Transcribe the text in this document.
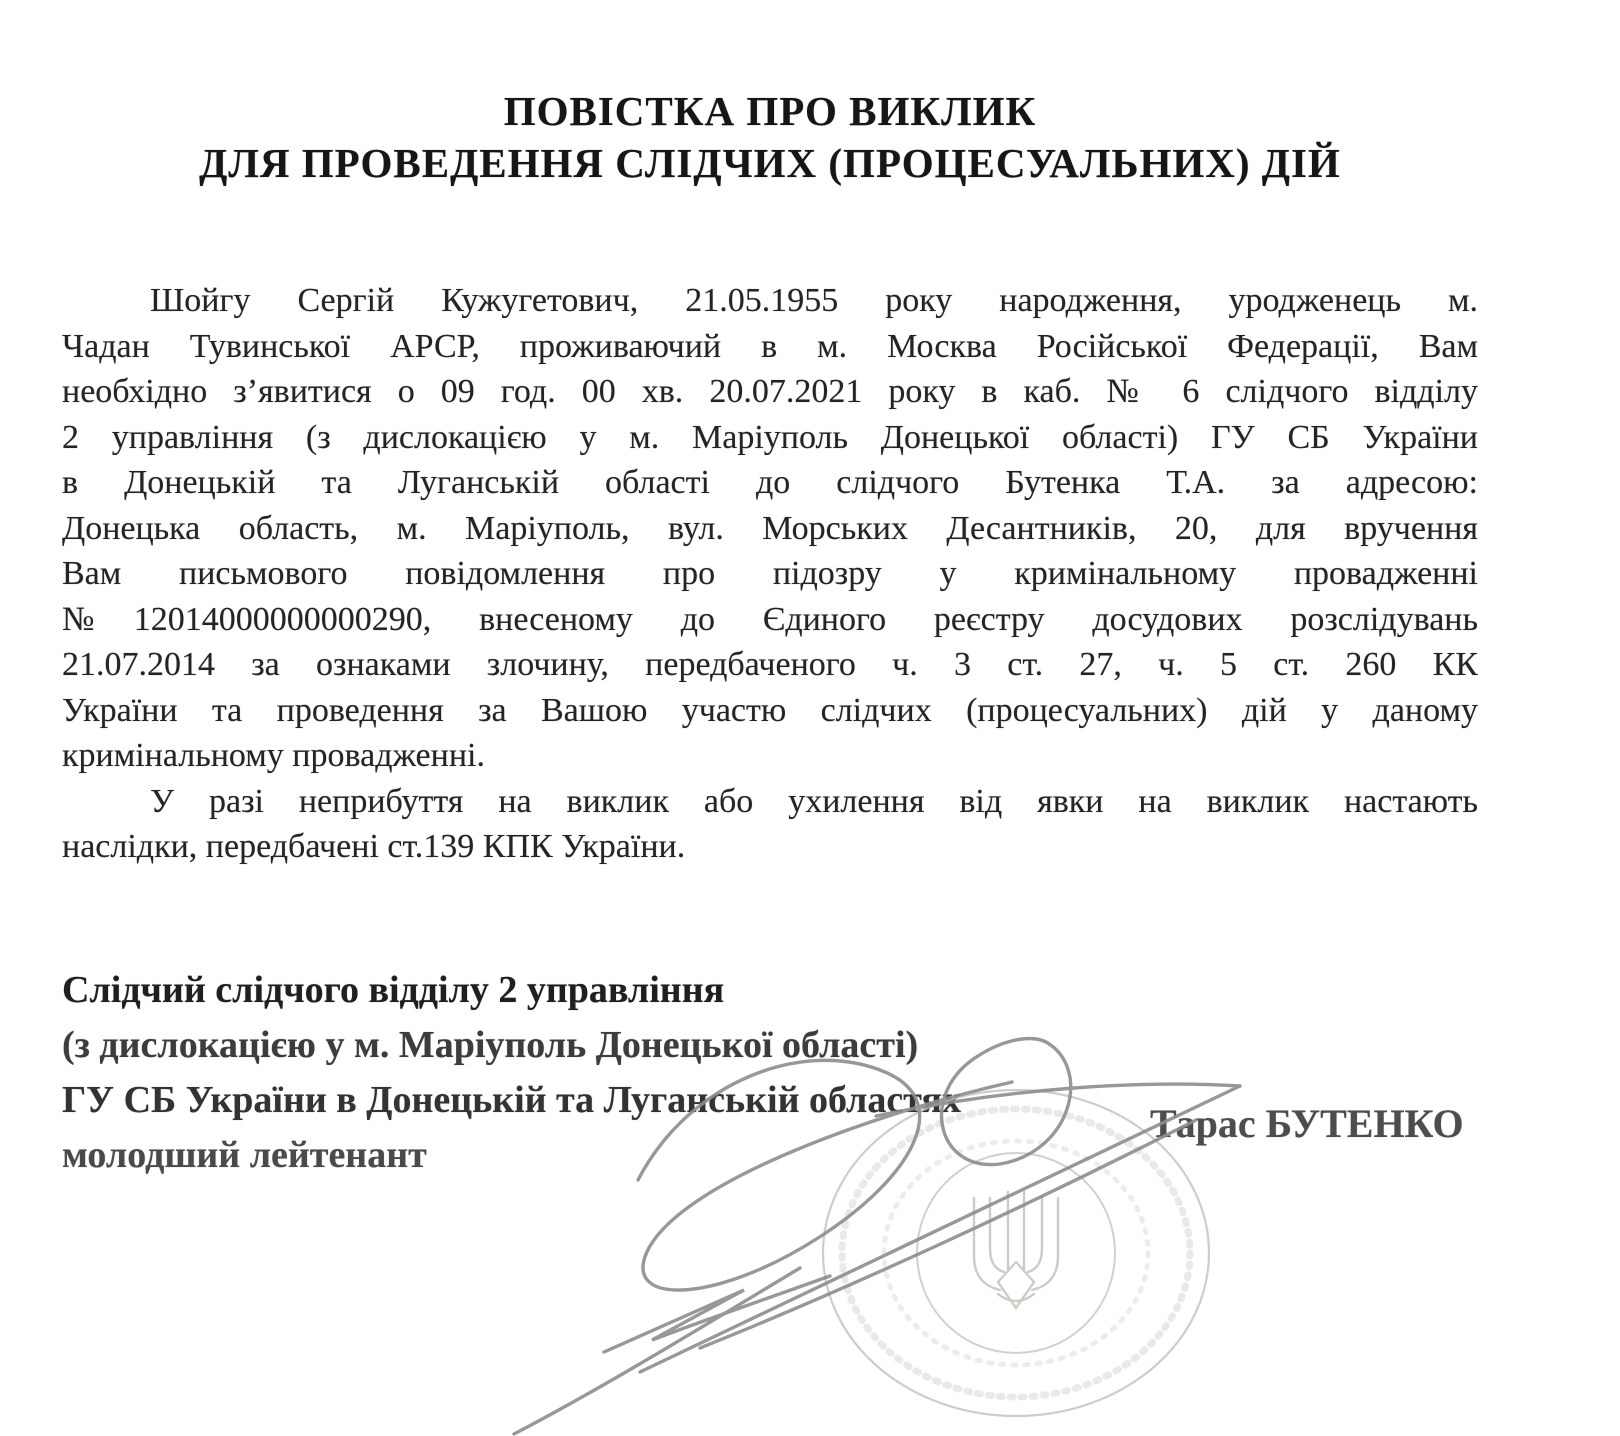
ПОВІСТКА ПРО ВИКЛИК
ДЛЯ ПРОВЕДЕННЯ СЛІДЧИХ (ПРОЦЕСУАЛЬНИХ) ДІЙ
Шойгу Сергій Кужугетович, 21.05.1955 року народження, уродженець м.
Чадан Тувинської АРСР, проживаючий в м. Москва Російської Федерації, Вам
необхідно з’явитися о 09 год. 00 хв. 20.07.2021 року в каб. № 6 слідчого відділу
2 управління (з дислокацією у м. Маріуполь Донецької області) ГУ СБ України
в Донецькій та Луганській області до слідчого Бутенка Т.А. за адресою:
Донецька область, м. Маріуполь, вул. Морських Десантників, 20, для вручення
Вам письмового повідомлення про підозру у кримінальному провадженні
№12014000000000290, внесеному до Єдиного реєстру досудових розслідувань
21.07.2014 за ознаками злочину, передбаченого ч. 3 ст. 27, ч. 5 ст. 260 КК
України та проведення за Вашою участю слідчих (процесуальних) дій у даному
кримінальному провадженні.
У разі неприбуття на виклик або ухилення від явки на виклик настають
наслідки, передбачені ст.139 КПК України.
Слідчий слідчого відділу 2 управління
(з дислокацією у м. Маріуполь Донецької області)
ГУ СБ України в Донецькій та Луганській областях
молодший лейтенант
Тарас БУТЕНКО
